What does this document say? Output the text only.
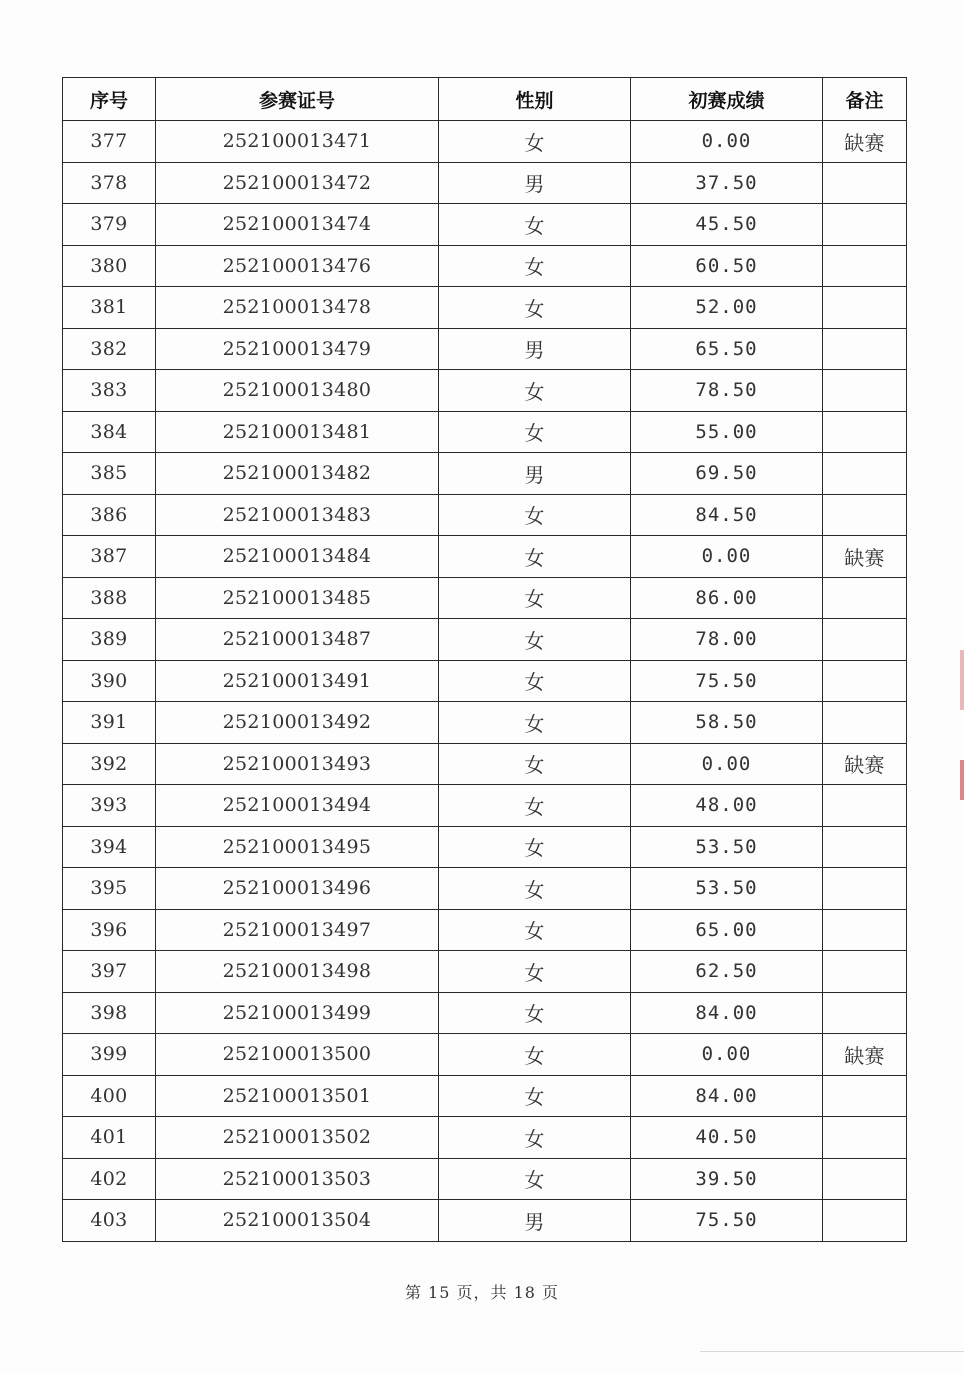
序号	参赛证号	性别	初赛成绩	备注
377	252100013471	女	0.00	缺赛
378	252100013472	男	37.50	
379	252100013474	女	45.50	
380	252100013476	女	60.50	
381	252100013478	女	52.00	
382	252100013479	男	65.50	
383	252100013480	女	78.50	
384	252100013481	女	55.00	
385	252100013482	男	69.50	
386	252100013483	女	84.50	
387	252100013484	女	0.00	缺赛
388	252100013485	女	86.00	
389	252100013487	女	78.00	
390	252100013491	女	75.50	
391	252100013492	女	58.50	
392	252100013493	女	0.00	缺赛
393	252100013494	女	48.00	
394	252100013495	女	53.50	
395	252100013496	女	53.50	
396	252100013497	女	65.00	
397	252100013498	女	62.50	
398	252100013499	女	84.00	
399	252100013500	女	0.00	缺赛
400	252100013501	女	84.00	
401	252100013502	女	40.50	
402	252100013503	女	39.50	
403	252100013504	男	75.50	
第 15 页，共 18 页
